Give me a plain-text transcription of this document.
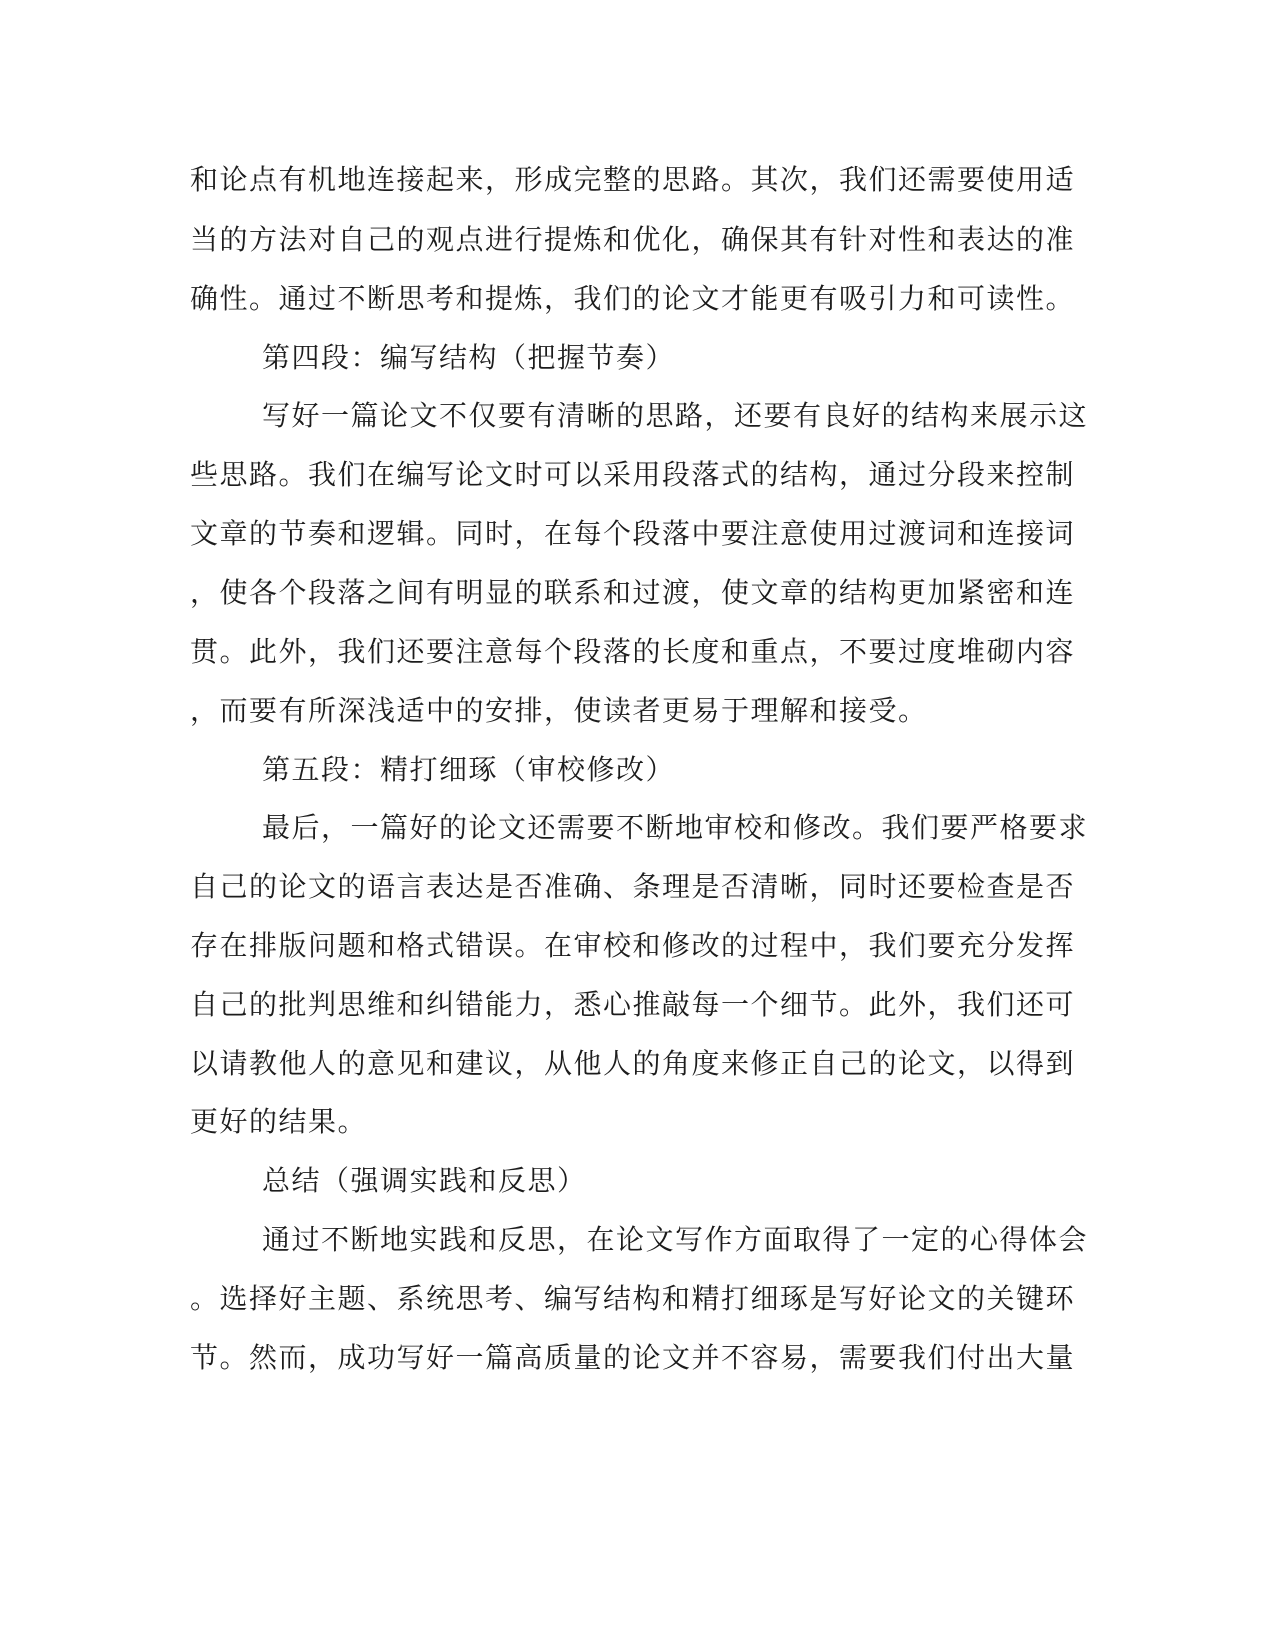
和论点有机地连接起来，形成完整的思路。其次，我们还需要使用适
当的方法对自己的观点进行提炼和优化，确保其有针对性和表达的准
确性。通过不断思考和提炼，我们的论文才能更有吸引力和可读性。
第四段：编写结构（把握节奏）
写好一篇论文不仅要有清晰的思路，还要有良好的结构来展示这
些思路。我们在编写论文时可以采用段落式的结构，通过分段来控制
文章的节奏和逻辑。同时，在每个段落中要注意使用过渡词和连接词
，使各个段落之间有明显的联系和过渡，使文章的结构更加紧密和连
贯。此外，我们还要注意每个段落的长度和重点，不要过度堆砌内容
，而要有所深浅适中的安排，使读者更易于理解和接受。
第五段：精打细琢（审校修改）
最后，一篇好的论文还需要不断地审校和修改。我们要严格要求
自己的论文的语言表达是否准确、条理是否清晰，同时还要检查是否
存在排版问题和格式错误。在审校和修改的过程中，我们要充分发挥
自己的批判思维和纠错能力，悉心推敲每一个细节。此外，我们还可
以请教他人的意见和建议，从他人的角度来修正自己的论文，以得到
更好的结果。
总结（强调实践和反思）
通过不断地实践和反思，在论文写作方面取得了一定的心得体会
。选择好主题、系统思考、编写结构和精打细琢是写好论文的关键环
节。然而，成功写好一篇高质量的论文并不容易，需要我们付出大量
